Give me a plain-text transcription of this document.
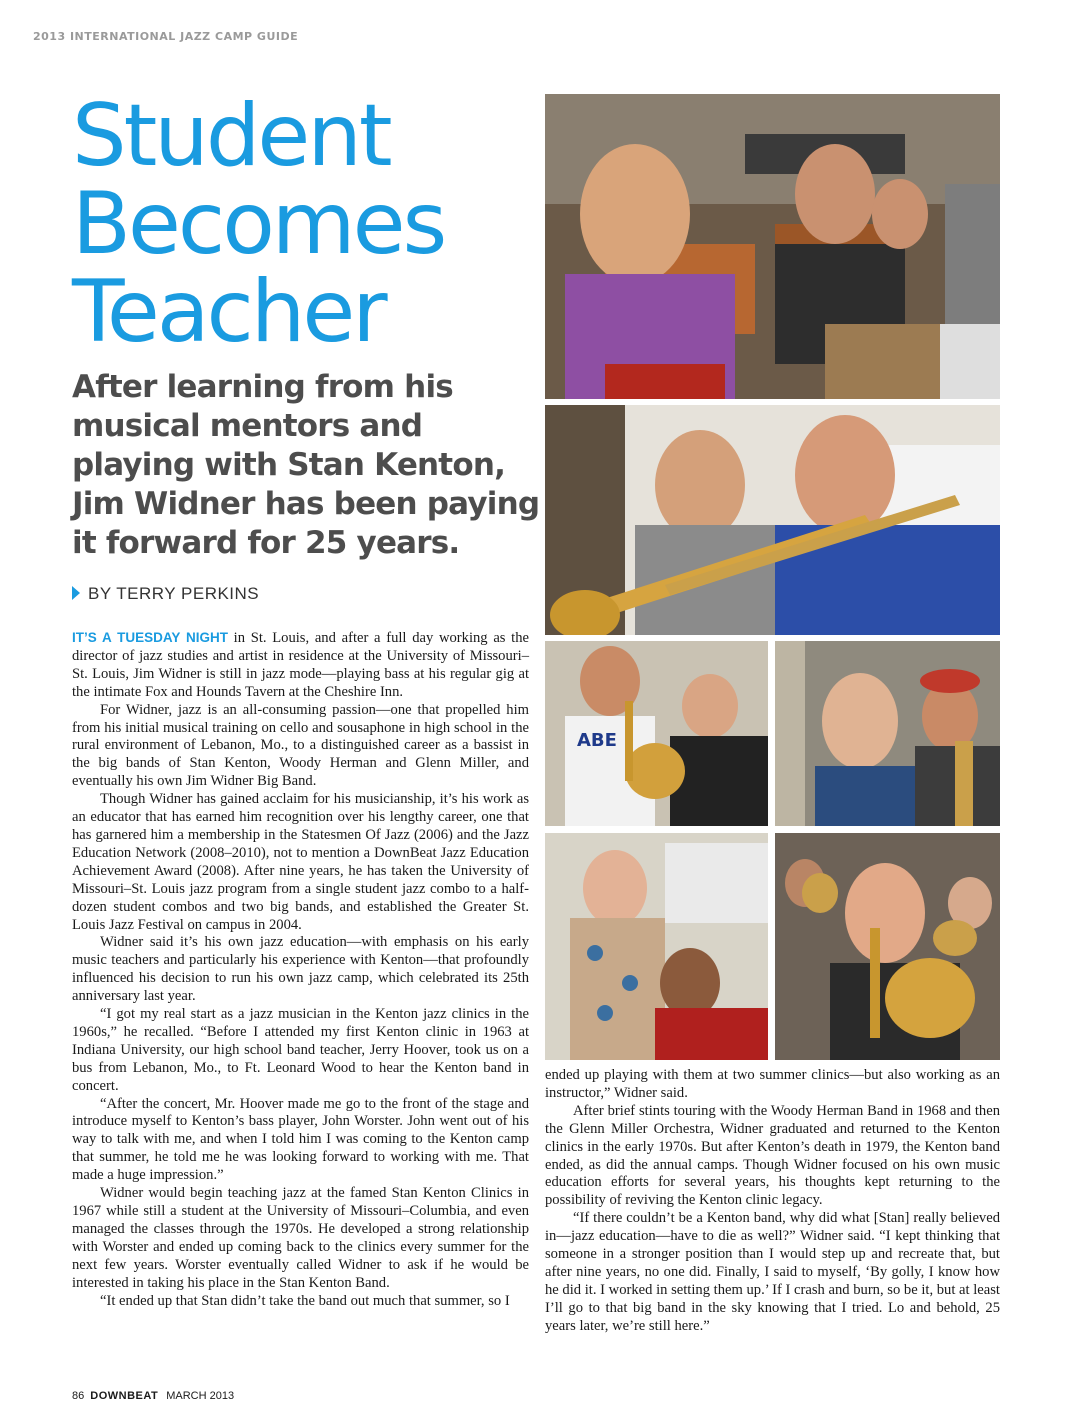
2013 INTERNATIONAL JAZZ CAMP GUIDE
Student
Becomes
Teacher
After learning from his musical mentors and playing with Stan Kenton, Jim Widner has been paying it forward for 25 years.
BY TERRY PERKINS
ABE

IT’S A TUESDAY NIGHT in St. Louis, and after a full day working as the director of jazz studies and artist in residence at the University of Missouri–St. Louis, Jim Widner is still in jazz mode—playing bass at his regular gig at the intimate Fox and Hounds Tavern at the Cheshire Inn.

For Widner, jazz is an all-consuming passion—one that propelled him from his initial musical training on cello and sousaphone in high school in the rural environment of Lebanon, Mo., to a distinguished career as a bassist in the big bands of Stan Kenton, Woody Herman and Glenn Miller, and eventually his own Jim Widner Big Band.

Though Widner has gained acclaim for his musicianship, it’s his work as an educator that has earned him recognition over his lengthy career, one that has garnered him a membership in the Statesmen Of Jazz (2006) and the Jazz Education Network (2008–2010), not to mention a DownBeat Jazz Education Achievement Award (2008). After nine years, he has taken the University of Missouri–St. Louis jazz program from a single student jazz combo to a half-dozen student combos and two big bands, and established the Greater St. Louis Jazz Festival on campus in 2004.

Widner said it’s his own jazz education—with emphasis on his early music teachers and particularly his experience with Kenton—that profoundly influenced his decision to run his own jazz camp, which celebrated its 25th anniversary last year.

“I got my real start as a jazz musician in the Kenton jazz clinics in the 1960s,” he recalled. “Before I attended my first Kenton clinic in 1963 at Indiana University, our high school band teacher, Jerry Hoover, took us on a bus from Lebanon, Mo., to Ft. Leonard Wood to hear the Kenton band in concert.

“After the concert, Mr. Hoover made me go to the front of the stage and introduce myself to Kenton’s bass player, John Worster. John went out of his way to talk with me, and when I told him I was coming to the Kenton camp that summer, he told me he was looking forward to working with me. That made a huge impression.”

Widner would begin teaching jazz at the famed Stan Kenton Clinics in 1967 while still a student at the University of Missouri–Columbia, and even managed the classes through the 1970s. He developed a strong relationship with Worster and ended up coming back to the clinics every summer for the next few years. Worster eventually called Widner to ask if he would be interested in taking his place in the Stan Kenton Band.

“It ended up that Stan didn’t take the band out much that summer, so I

ended up playing with them at two summer clinics—but also working as an instructor,” Widner said.

After brief stints touring with the Woody Herman Band in 1968 and then the Glenn Miller Orchestra, Widner graduated and returned to the Kenton clinics in the early 1970s. But after Kenton’s death in 1979, the Kenton band ended, as did the annual camps. Though Widner focused on his own music education efforts for several years, his thoughts kept returning to the possibility of reviving the Kenton clinic legacy.

“If there couldn’t be a Kenton band, why did what [Stan] really believed in—jazz education—have to die as well?” Widner said. “I kept thinking that someone in a stronger position than I would step up and recreate that, but after nine years, no one did. Finally, I said to myself, ‘By golly, I know how he did it. I worked in setting them up.’ If I crash and burn, so be it, but at least I’ll go to that big band in the sky knowing that I tried. Lo and behold, 25 years later, we’re still here.”

86 DOWNBEAT MARCH 2013
